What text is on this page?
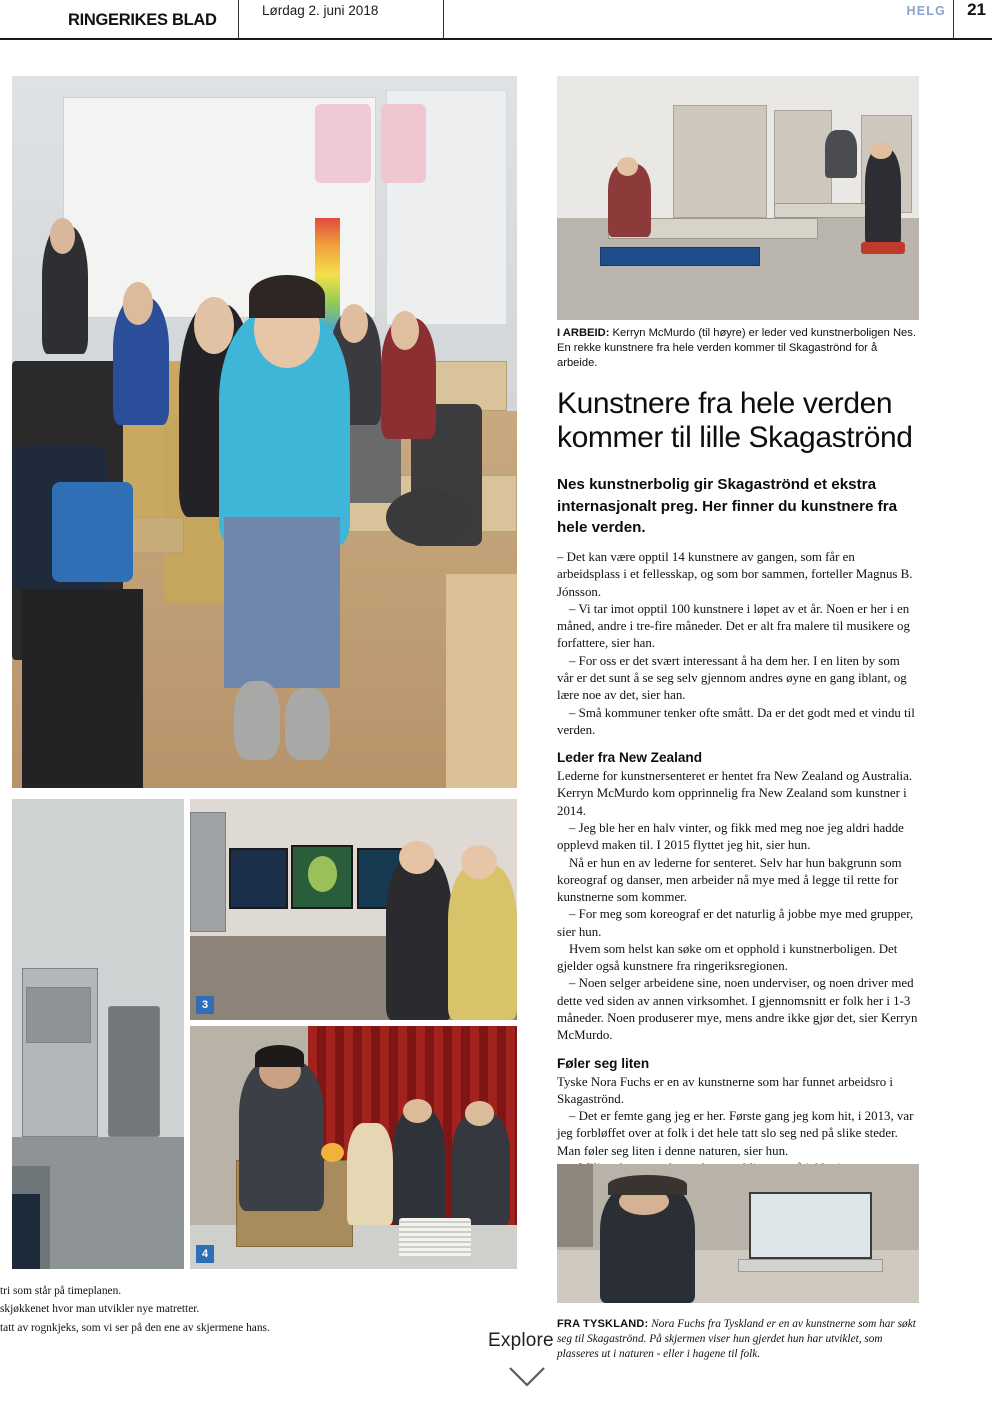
RINGERIKES BLAD	Lørdag 2. juni 2018	HELG 21
3
4

I ARBEID: Kerryn McMurdo (til høyre) er leder ved kunstnerboligen Nes. En rekke kunstnere fra hele verden kommer til Skagaströnd for å arbeide.

Kunstnere fra hele verden kommer til lille Skagaströnd

Nes kunstnerbolig gir Skagaströnd et ekstra internasjonalt preg. Her finner du kunstnere fra hele verden.

– Det kan være opptil 14 kunstnere av gangen, som får en arbeidsplass i et fellesskap, og som bor sammen, forteller Magnus B. Jónsson.

– Vi tar imot opptil 100 kunstnere i løpet av et år. Noen er her i en måned, andre i tre-fire måneder. Det er alt fra malere til musikere og forfattere, sier han.

– For oss er det svært interessant å ha dem her. I en liten by som vår er det sunt å se seg selv gjennom andres øyne en gang iblant, og lære noe av det, sier han.

– Små kommuner tenker ofte smått. Da er det godt med et vindu til verden.

Leder fra New Zealand

Lederne for kunstnersenteret er hentet fra New Zealand og Australia. Kerryn McMurdo kom opprinnelig fra New Zealand som kunstner i 2014.

– Jeg ble her en halv vinter, og fikk med meg noe jeg aldri hadde opplevd maken til. I 2015 flyttet jeg hit, sier hun.

Nå er hun en av lederne for senteret. Selv har hun bakgrunn som koreograf og danser, men arbeider nå mye med å legge til rette for kunstnerne som kommer.

– For meg som koreograf er det naturlig å jobbe mye med grupper, sier hun.

Hvem som helst kan søke om et opphold i kunstnerboligen. Det gjelder også kunstnere fra ringeriksregionen.

– Noen selger arbeidene sine, noen underviser, og noen driver med dette ved siden av annen virksomhet. I gjennomsnitt er folk her i 1-3 måneder. Noen produserer mye, mens andre ikke gjør det, sier Kerryn McMurdo.

Føler seg liten

Tyske Nora Fuchs er en av kunstnerne som har funnet arbeidsro i Skagaströnd.

– Det er femte gang jeg er her. Første gang jeg kom hit, i 2013, var jeg forbløffet over at folk i det hele tatt slo seg ned på slike steder. Man føler seg liten i denne naturen, sier hun.

FRA TYSKLAND: Nora Fuchs fra Tyskland er en av kunstnerne som har søkt seg til Skagaströnd. På skjermen viser hun gjerdet hun har utviklet, som plasseres ut i naturen - eller i hagene til folk.

tri som står på timeplanen.
skjøkkenet hvor man utvikler nye matretter.
tatt av rognkjeks, som vi ser på den ene av skjermene hans.
Explore
